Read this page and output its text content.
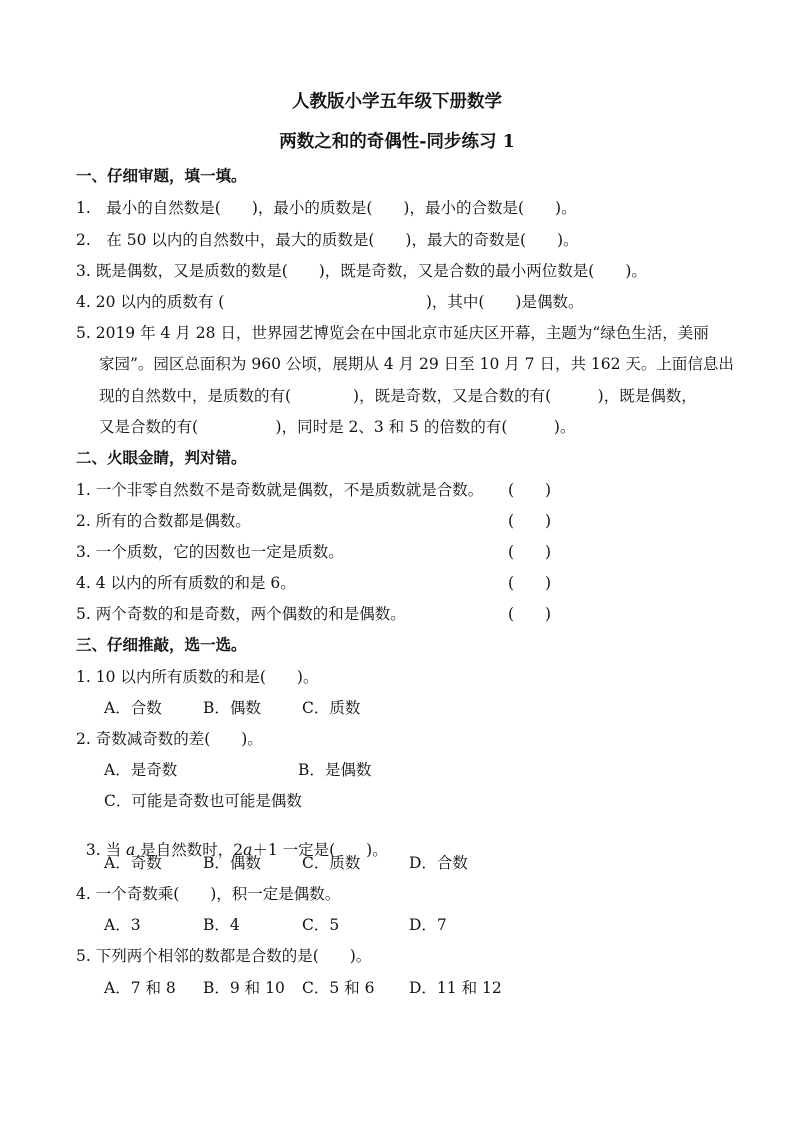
人教版小学五年级下册数学
两数之和的奇偶性-同步练习 1
一、仔细审题，填一填。
1.　最小的自然数是(　　)，最小的质数是(　　)，最小的合数是(　　)。
2.　在 50 以内的自然数中，最大的质数是(　　)，最大的奇数是(　　)。
3. 既是偶数，又是质数的数是(　　)，既是奇数，又是合数的最小两位数是(　　)。
4. 20 以内的质数有 (　　　　　　　　　　　　　)，其中(　　)是偶数。
5. 2019 年 4 月 28 日，世界园艺博览会在中国北京市延庆区开幕，主题为“绿色生活，美丽
家园”。园区总面积为 960 公顷，展期从 4 月 29 日至 10 月 7 日，共 162 天。上面信息出
现的自然数中，是质数的有(　　　　)，既是奇数，又是合数的有(　　　)，既是偶数，
又是合数的有(　　　　　)，同时是 2、3 和 5 的倍数的有(　　　)。
二、火眼金睛，判对错。
1. 一个非零自然数不是奇数就是偶数，不是质数就是合数。 (　　)
2. 所有的合数都是偶数。	(　　)
3. 一个质数，它的因数也一定是质数。	(　　)
4. 4 以内的所有质数的和是 6。	(　　)
5. 两个奇数的和是奇数，两个偶数的和是偶数。	(　　)
三、仔细推敲，选一选。
1. 10 以内所有质数的和是(　　)。
A．合数	B．偶数	C．质数
2. 奇数减奇数的差(　　)。
A．是奇数	B．是偶数
C．可能是奇数也可能是偶数

3. 当 a 是自然数时，2a＋1 一定是(　　)。

A．奇数	B．偶数	C．质数	D．合数
4. 一个奇数乘(　　)，积一定是偶数。
A．3	B．4	C．5	D．7
5. 下列两个相邻的数都是合数的是(　　)。
A．7 和 8 B．9 和 10 C．5 和 6 D．11 和 12
